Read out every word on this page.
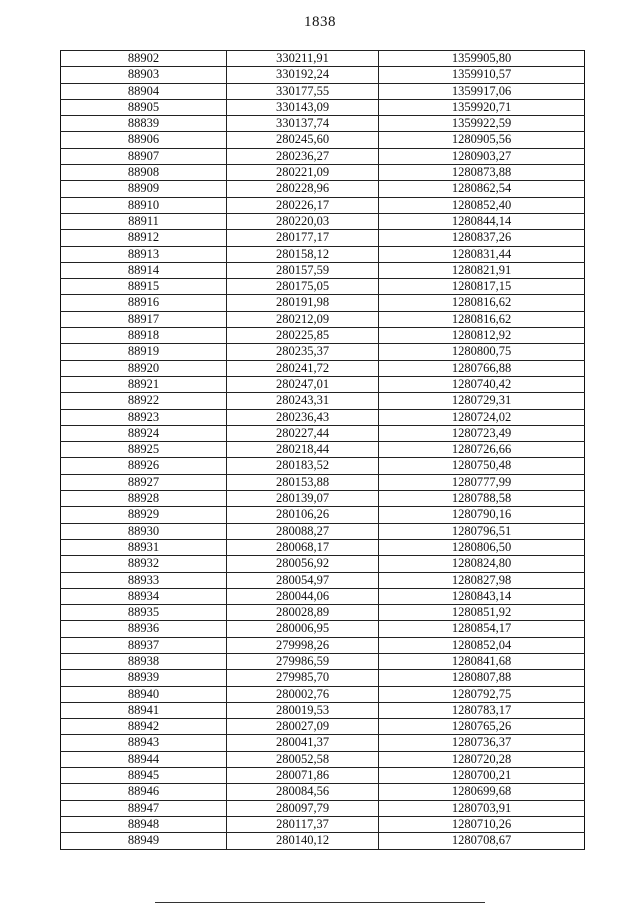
1838
88902	330211,91	1359905,80
88903	330192,24	1359910,57
88904	330177,55	1359917,06
88905	330143,09	1359920,71
88839	330137,74	1359922,59
88906	280245,60	1280905,56
88907	280236,27	1280903,27
88908	280221,09	1280873,88
88909	280228,96	1280862,54
88910	280226,17	1280852,40
88911	280220,03	1280844,14
88912	280177,17	1280837,26
88913	280158,12	1280831,44
88914	280157,59	1280821,91
88915	280175,05	1280817,15
88916	280191,98	1280816,62
88917	280212,09	1280816,62
88918	280225,85	1280812,92
88919	280235,37	1280800,75
88920	280241,72	1280766,88
88921	280247,01	1280740,42
88922	280243,31	1280729,31
88923	280236,43	1280724,02
88924	280227,44	1280723,49
88925	280218,44	1280726,66
88926	280183,52	1280750,48
88927	280153,88	1280777,99
88928	280139,07	1280788,58
88929	280106,26	1280790,16
88930	280088,27	1280796,51
88931	280068,17	1280806,50
88932	280056,92	1280824,80
88933	280054,97	1280827,98
88934	280044,06	1280843,14
88935	280028,89	1280851,92
88936	280006,95	1280854,17
88937	279998,26	1280852,04
88938	279986,59	1280841,68
88939	279985,70	1280807,88
88940	280002,76	1280792,75
88941	280019,53	1280783,17
88942	280027,09	1280765,26
88943	280041,37	1280736,37
88944	280052,58	1280720,28
88945	280071,86	1280700,21
88946	280084,56	1280699,68
88947	280097,79	1280703,91
88948	280117,37	1280710,26
88949	280140,12	1280708,67
